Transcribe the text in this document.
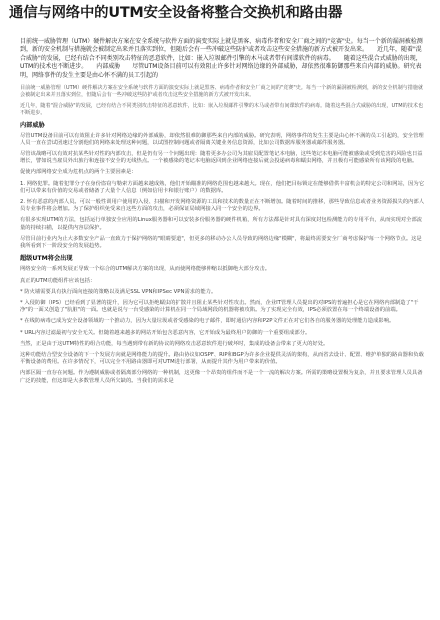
通信与网络中的UTM安全设备将整合交换机和路由器

目前统一威胁管理（UTM）硬件解决方案在安全系统与软件方面的演变实际上就是黑客、病毒作者和安全厂商之间的"竞赛"史。每当一个新的漏洞被检测到，新的安全机制与措施就会被制定出来并且落实到位，但随后会有一些冲破这些防护或者攻击这些安全措施的新方式被开发出来。　　近几年，随着"混合威胁"的发展，已经有结合不同类别攻击特征的恶意软件，比如：嵌入垃圾邮件引擎的木马或者带有间谍软件的病毒。　　随着这些混合式威胁的出现，UTM的技术也不断进步。　　内部威胁　　尽管UTM设备目前可以有效阻止许多针对网络边缘的外部威胁，却依然很难防御那些来自内部的威胁。研究表明，网络事件的发生主要是由心怀不满的员工引起的

目前统一威胁管理（UTM）硬件解决方案在安全系统与软件方面的演变实际上就是黑客、病毒作者和安全厂商之间的"竞赛"史。每当一个新的漏洞被检测到，新的安全机制与措施就会被制定出来并且落实到位，但随后会有一些冲破这些防护或者攻击这些安全措施的新方式被开发出来。

近几年，随着"混合威胁"的发展，已经有结合不同类别攻击特征的恶意软件，比如：嵌入垃圾邮件引擎的木马或者带有间谍软件的病毒。随着这些混合式威胁的出现，UTM的技术也不断进步。

内部威胁

尽管UTM设备目前可以有效阻止许多针对网络边缘的外部威胁，却依然很难防御那些来自内部的威胁。研究表明，网络事件的发生主要是由心怀不满的员工引起的，安全管理人员一直在尝试团速过分割他们的网络来处理这种问题，以试图控制问题或者隔离关键业务信息资源，比如公司数据库服务器或邮件服务器。

尽管该战略可以有效对抗某些针对性的内部攻击，但是仍有另一个问题出现：随着更多办公司为其雇员配置笔记本电脑，这些笔记本电脑可能被感染或受到危害的风险也日益增长，譬如说当雇员外出旅行和连接不安全的无线热点。一个被感染的笔记本电脑返回到企业网络连接后就会投递病毒和蠕虫网络，并且极有可能感染所有该网段的电脑。

促使内部网络安全成为危机点的两个主要因素是：

1. 网络犯罪。随着犯罪分子在身份盗窃与勒索方面越来越成熟，他们开始瞄准的网络范围也越来越大。现在，他们把目标锁定在能够借供丰富机会的特定公司和网站，因为它们可以带来有价值的交易或者储备了大量个人信息（例如信用卡和银行账户）的数据库。

2. 怀有恶意的内部人员。可以一般性训用户使用的入侵、扫描和开发网络资源的工具和技术的数量正在不断增加。随着时间的推移，那些导致信息或者业务资源损失的内部人员专业事件将会增加。为了保护组织免受来自这些方面的攻击，必须保证局域网接入同一个安全的边界。

有很多实现UTM的方法，包括运行单独安全应用的Linux服务器和可以安装多份服务器的硬件机箱，所有方法都是针对具有深度封包检测能力的专用平台，从而实现对全部流量的持续扫描，以提供内容层保护。

尽管目前行业内为止大多数安全产品一直致力于保护网络的"眼睛要道"，但更多的移动办公人员导致的网络边缘"模糊"，将最终需要安全厂商考虑保护每一个网络节点。这是我所看到下一阶段安全的发展趋势。

超级UTM将会出现

网络安全的一系列发展正导致一个综合的UTM解决方案的出现，从而使网络能够伸缩以抵御绝大部分攻击。

真正的UTM功能组件应该包括：

* 防火墙需要具有执行面向连接的策略以及满足SSL VPN和IPSec VPN需求的能力。

* 入侵防御（IPS）已经看到了显著的提升，因为它可以拒绝蠕虫的扩散并且阻止某些针对性攻击。然而，企业IT管理人员提出的对IPS的普遍担心是它在网络内部制造了"干净"的一面又创造了"肮脏"的一面。也就是说与一台受感染的计算机在同一个局域网段的机器将被攻陷。为了实现完全有效，IPS必须放置在每一个终端设备的前端。

* 在线防病毒已成为安全设备领域的一个推动力，因为大量垃圾或者受感染的电子邮件，即时通信内容和P2P文件正在对它们各自的服务器的处理能力造成影响。

* URL内容过滤最初与安全无关。但随着越来越多的网站开始包含恶意内容，它开始成为最终用户防御的一个重要组成部分。

当然，正是由于这UTM特性的组合功能，每当遇到带有新的协议的网络攻击恶意软件进行破坏时，集成的设备会带来了更大的好处。

这种功能结合型安全设备的下一个发展方向就是网络能力的提升。路由协议如OSPF、RIP和BGP为许多企业提供灵活的架构，从而省去设计、配置、维护单独的路由器和负载平衡设备的费用。在许多情况下，可以完全不用路由器即可对UTM进行部署，从而提升其作为用户带来的价值。

内部区隔一直存在问题。作为遵制威胁或者隔离部分网络的一种机制，这更像一个昂贵的组件而不是一个一流的解决方案。所需的策略设置极为复杂，并且要求管理人员具备广泛的技能，但这却是大多数管理人员所欠缺的。当我们的需求是
